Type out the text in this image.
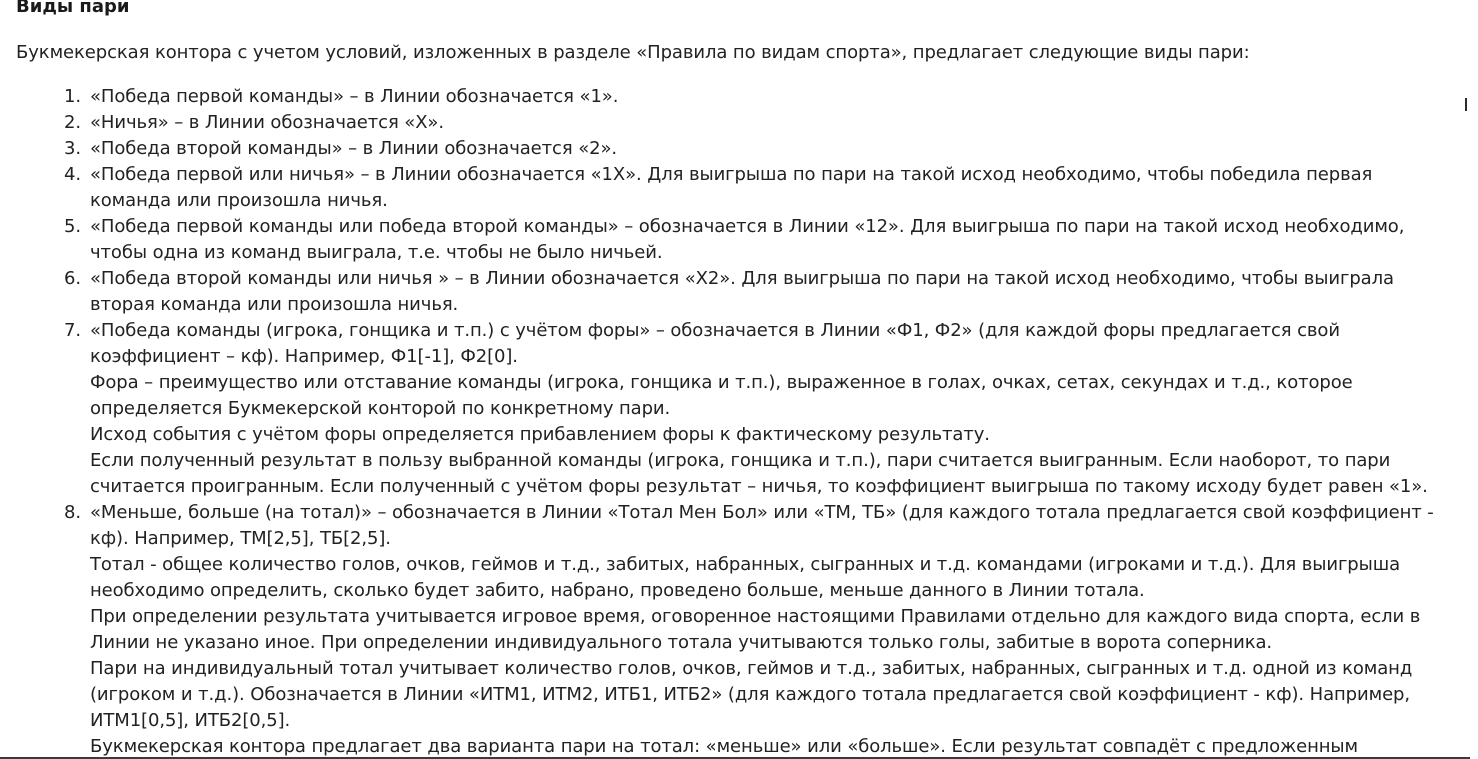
Виды пари

Букмекерская контора с учетом условий, изложенных в разделе «Правила по видам спорта», предлагает следующие виды пари:

1. «Победа первой команды» – в Линии обозначается «1».
2. «Ничья» – в Линии обозначается «X».
3. «Победа второй команды» – в Линии обозначается «2».
4. «Победа первой или ничья» – в Линии обозначается «1X». Для выигрыша по пари на такой исход необходимо, чтобы победила первая
команда или произошла ничья.
5. «Победа первой команды или победа второй команды» – обозначается в Линии «12». Для выигрыша по пари на такой исход необходимо,
чтобы одна из команд выиграла, т.е. чтобы не было ничьей.
6. «Победа второй команды или ничья » – в Линии обозначается «X2». Для выигрыша по пари на такой исход необходимо, чтобы выиграла
вторая команда или произошла ничья.
7. «Победа команды (игрока, гонщика и т.п.) с учётом форы» – обозначается в Линии «Ф1, Ф2» (для каждой форы предлагается свой
коэффициент – кф). Например, Ф1[-1], Ф2[0].
Фора – преимущество или отставание команды (игрока, гонщика и т.п.), выраженное в голах, очках, сетах, секундах и т.д., которое
определяется Букмекерской конторой по конкретному пари.
Исход события с учётом форы определяется прибавлением форы к фактическому результату.
Если полученный результат в пользу выбранной команды (игрока, гонщика и т.п.), пари считается выигранным. Если наоборот, то пари
считается проигранным. Если полученный с учётом форы результат – ничья, то коэффициент выигрыша по такому исходу будет равен «1».
8. «Меньше, больше (на тотал)» – обозначается в Линии «Тотал Мен Бол» или «ТМ, ТБ» (для каждого тотала предлагается свой коэффициент -
кф). Например, ТМ[2,5], ТБ[2,5].
Тотал - общее количество голов, очков, геймов и т.д., забитых, набранных, сыгранных и т.д. командами (игроками и т.д.). Для выигрыша
необходимо определить, сколько будет забито, набрано, проведено больше, меньше данного в Линии тотала.
При определении результата учитывается игровое время, оговоренное настоящими Правилами отдельно для каждого вида спорта, если в
Линии не указано иное. При определении индивидуального тотала учитываются только голы, забитые в ворота соперника.
Пари на индивидуальный тотал учитывает количество голов, очков, геймов и т.д., забитых, набранных, сыгранных и т.д. одной из команд
(игроком и т.д.). Обозначается в Линии «ИТМ1, ИТМ2, ИТБ1, ИТБ2» (для каждого тотала предлагается свой коэффициент - кф). Например,
ИТМ1[0,5], ИТБ2[0,5].
Букмекерская контора предлагает два варианта пари на тотал: «меньше» или «больше». Если результат совпадёт с предложенным
